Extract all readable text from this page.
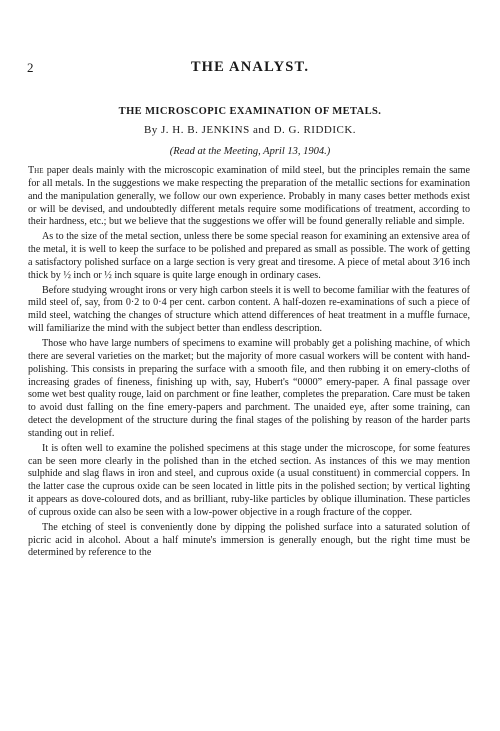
2	THE ANALYST.
THE MICROSCOPIC EXAMINATION OF METALS.
By J. H. B. JENKINS and D. G. RIDDICK.
(Read at the Meeting, April 13, 1904.)

The paper deals mainly with the microscopic examination of mild steel, but the principles remain the same for all metals. In the suggestions we make respecting the preparation of the metallic sections for examination and the manipulation generally, we follow our own experience. Probably in many cases better methods exist or will be devised, and undoubtedly different metals require some modifications of treatment, according to their hardness, etc.; but we believe that the suggestions we offer will be found generally reliable and simple.

As to the size of the metal section, unless there be some special reason for examining an extensive area of the metal, it is well to keep the surface to be polished and prepared as small as possible. The work of getting a satisfactory polished surface on a large section is very great and tiresome. A piece of metal about 3⁄16 inch thick by ½ inch or ½ inch square is quite large enough in ordinary cases.

Before studying wrought irons or very high carbon steels it is well to become familiar with the features of mild steel of, say, from 0·2 to 0·4 per cent. carbon content. A half-dozen re-examinations of such a piece of mild steel, watching the changes of structure which attend differences of heat treatment in a muffle furnace, will familiarize the mind with the subject better than endless description.

Those who have large numbers of specimens to examine will probably get a polishing machine, of which there are several varieties on the market; but the majority of more casual workers will be content with hand-polishing. This consists in preparing the surface with a smooth file, and then rubbing it on emery-cloths of increasing grades of fineness, finishing up with, say, Hubert's “0000” emery-paper. A final passage over some wet best quality rouge, laid on parchment or fine leather, completes the preparation. Care must be taken to avoid dust falling on the fine emery-papers and parchment. The unaided eye, after some training, can detect the development of the structure during the final stages of the polishing by reason of the harder parts standing out in relief.

It is often well to examine the polished specimens at this stage under the microscope, for some features can be seen more clearly in the polished than in the etched section. As instances of this we may mention sulphide and slag flaws in iron and steel, and cuprous oxide (a usual constituent) in commercial coppers. In the latter case the cuprous oxide can be seen located in little pits in the polished section; by vertical lighting it appears as dove-coloured dots, and as brilliant, ruby-like particles by oblique illumination. These particles of cuprous oxide can also be seen with a low-power objective in a rough fracture of the copper.

The etching of steel is conveniently done by dipping the polished surface into a saturated solution of picric acid in alcohol. About a half minute's immersion is generally enough, but the right time must be determined by reference to the
